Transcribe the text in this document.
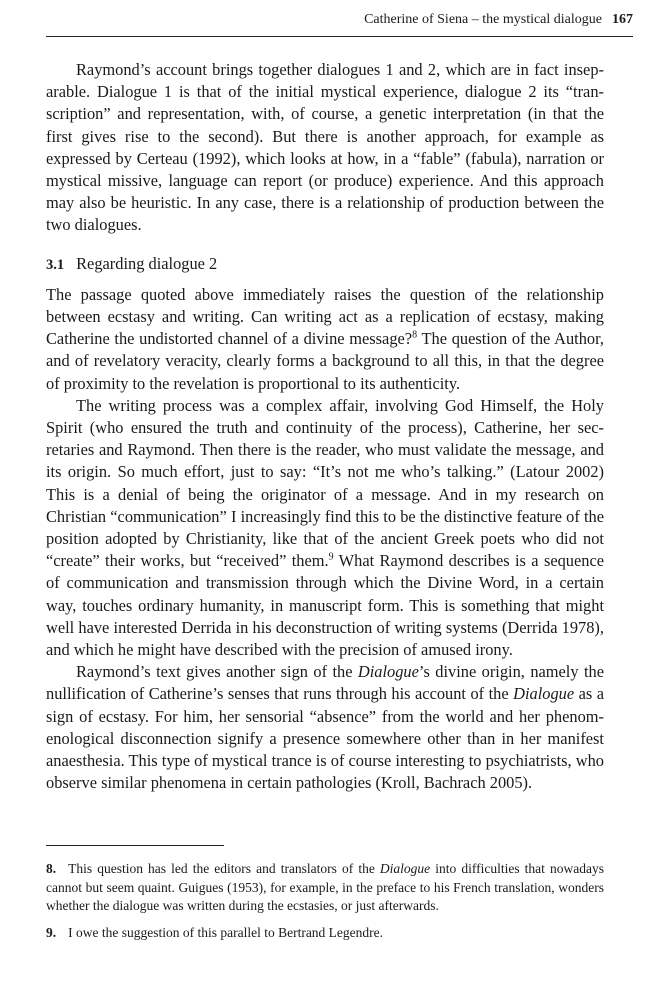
Catherine of Siena – the mystical dialogue 167

Raymond’s account brings together dialogues 1 and 2, which are in fact inseparable. Dialogue 1 is that of the initial mystical experience, dialogue 2 its “transcription” and representation, with, of course, a genetic interpretation (in that the first gives rise to the second). But there is another approach, for example as expressed by Certeau (1992), which looks at how, in a “fable” (fabula), narration or mystical missive, language can report (or produce) experience. And this approach may also be heuristic. In any case, there is a relationship of production between the two dialogues.

3.1 Regarding dialogue 2

The passage quoted above immediately raises the question of the relationship between ecstasy and writing. Can writing act as a replication of ecstasy, making Catherine the undistorted channel of a divine message?$^8$ The question of the Author, and of revelatory veracity, clearly forms a background to all this, in that the degree of proximity to the revelation is proportional to its authenticity.

The writing process was a complex affair, involving God Himself, the Holy Spirit (who ensured the truth and continuity of the process), Catherine, her secretaries and Raymond. Then there is the reader, who must validate the message, and its origin. So much effort, just to say: “It’s not me who’s talking.” (Latour 2002) This is a denial of being the originator of a message. And in my research on Christian “communication” I increasingly find this to be the distinctive feature of the position adopted by Christianity, like that of the ancient Greek poets who did not “create” their works, but “received” them.$^9$ What Raymond describes is a sequence of communication and transmission through which the Divine Word, in a certain way, touches ordinary humanity, in manuscript form. This is something that might well have interested Derrida in his deconstruction of writing systems (Derrida 1978), and which he might have described with the precision of amused irony.

Raymond’s text gives another sign of the Dialogue’s divine origin, namely the nullification of Catherine’s senses that runs through his account of the Dialogue as a sign of ecstasy. For him, her sensorial “absence” from the world and her phenomenological disconnection signify a presence somewhere other than in her manifest anaesthesia. This type of mystical trance is of course interesting to psychiatrists, who observe similar phenomena in certain pathologies (Kroll, Bachrach 2005).

8. This question has led the editors and translators of the Dialogue into difficulties that nowadays cannot but seem quaint. Guigues (1953), for example, in the preface to his French translation, wonders whether the dialogue was written during the ecstasies, or just afterwards.

9. I owe the suggestion of this parallel to Bertrand Legendre.
